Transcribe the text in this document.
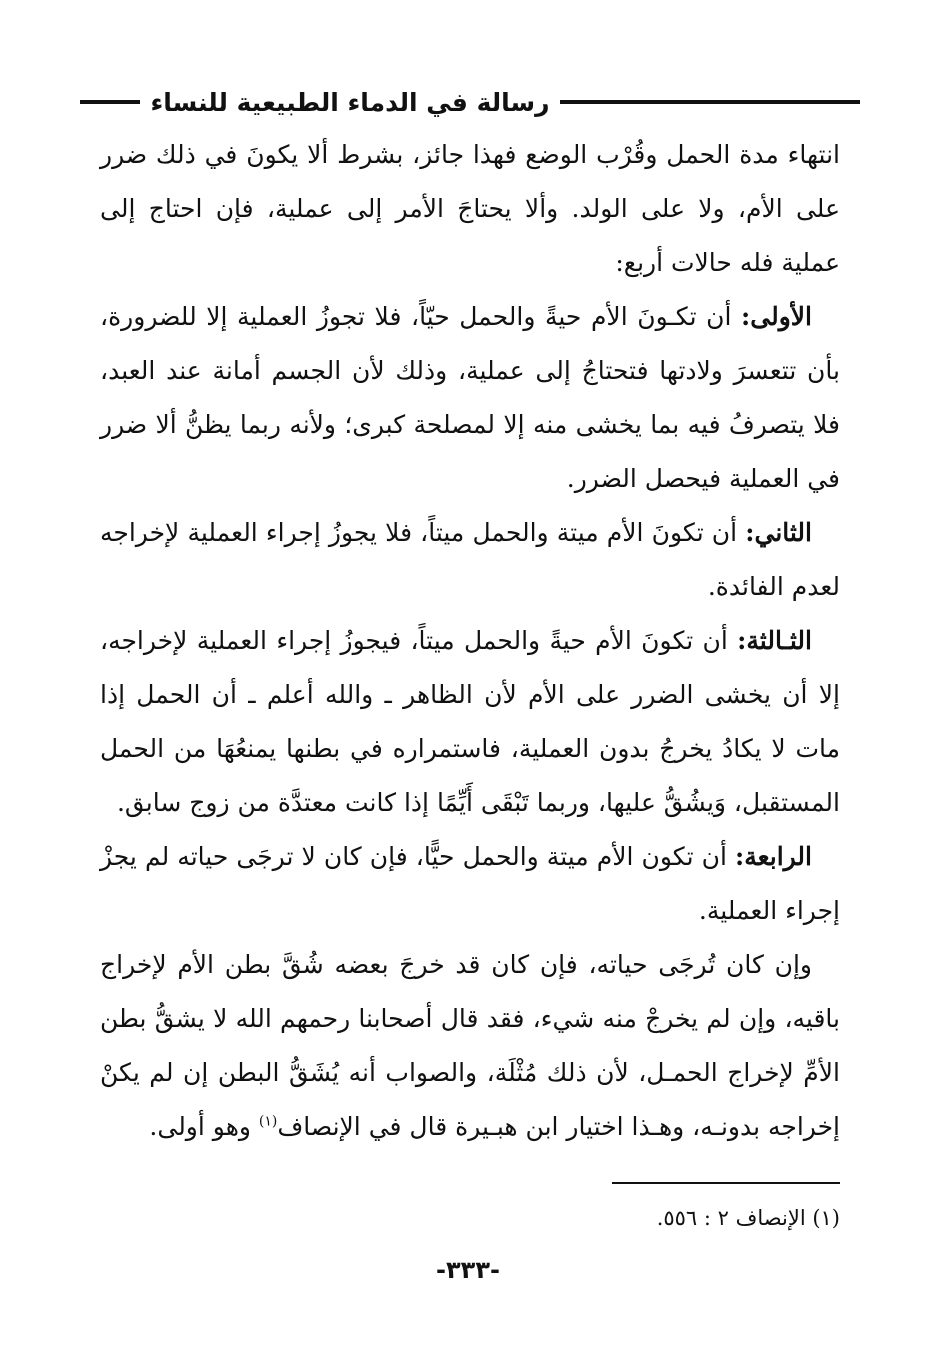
رسالة في الدماء الطبيعية للنساء

انتهاء مدة الحمل وقُرْب الوضع فهذا جائز، بشرط ألا يكونَ في ذلك ضرر على الأم، ولا على الولد. وألا يحتاجَ الأمر إلى عملية، فإن احتاج إلى عملية فله حالات أربع:

الأولى: أن تكـونَ الأم حيةً والحمل حيّاً، فلا تجوزُ العملية إلا للضرورة، بأن تتعسرَ ولادتها فتحتاجُ إلى عملية، وذلك لأن الجسم أمانة عند العبد، فلا يتصرفُ فيه بما يخشى منه إلا لمصلحة كبرى؛ ولأنه ربما يظنُّ ألا ضرر في العملية فيحصل الضرر.

الثاني: أن تكونَ الأم ميتة والحمل ميتاً، فلا يجوزُ إجراء العملية لإخراجه لعدم الفائدة.

الثـالثة: أن تكونَ الأم حيةً والحمل ميتاً، فيجوزُ إجراء العملية لإخراجه، إلا أن يخشى الضرر على الأم لأن الظاهر ـ والله أعلم ـ أن الحمل إذا مات لا يكادُ يخرجُ بدون العملية، فاستمراره في بطنها يمنعُهَا من الحمل المستقبل، وَيشُقُّ عليها، وربما تَبْقَى أَيِّمًا إذا كانت معتدَّة من زوج سابق.

الرابعة: أن تكون الأم ميتة والحمل حيًّا، فإن كان لا ترجَى حياته لم يجزْ إجراء العملية.

وإن كان تُرجَى حياته، فإن كان قد خرجَ بعضه شُقَّ بطن الأم لإخراج باقيه، وإن لم يخرجْ منه شيء، فقد قال أصحابنا رحمهم الله لا يشقُّ بطن الأمِّ لإخراج الحمـل، لأن ذلك مُثْلَة، والصواب أنه يُشَقُّ البطن إن لم يكنْ إخراجه بدونـه، وهـذا اختيار ابن هبـيرة قال في الإنصاف$^{(١)}$ وهو أولى.

(١) الإنصاف ٢ : ٥٥٦.
-٣٣٣-
